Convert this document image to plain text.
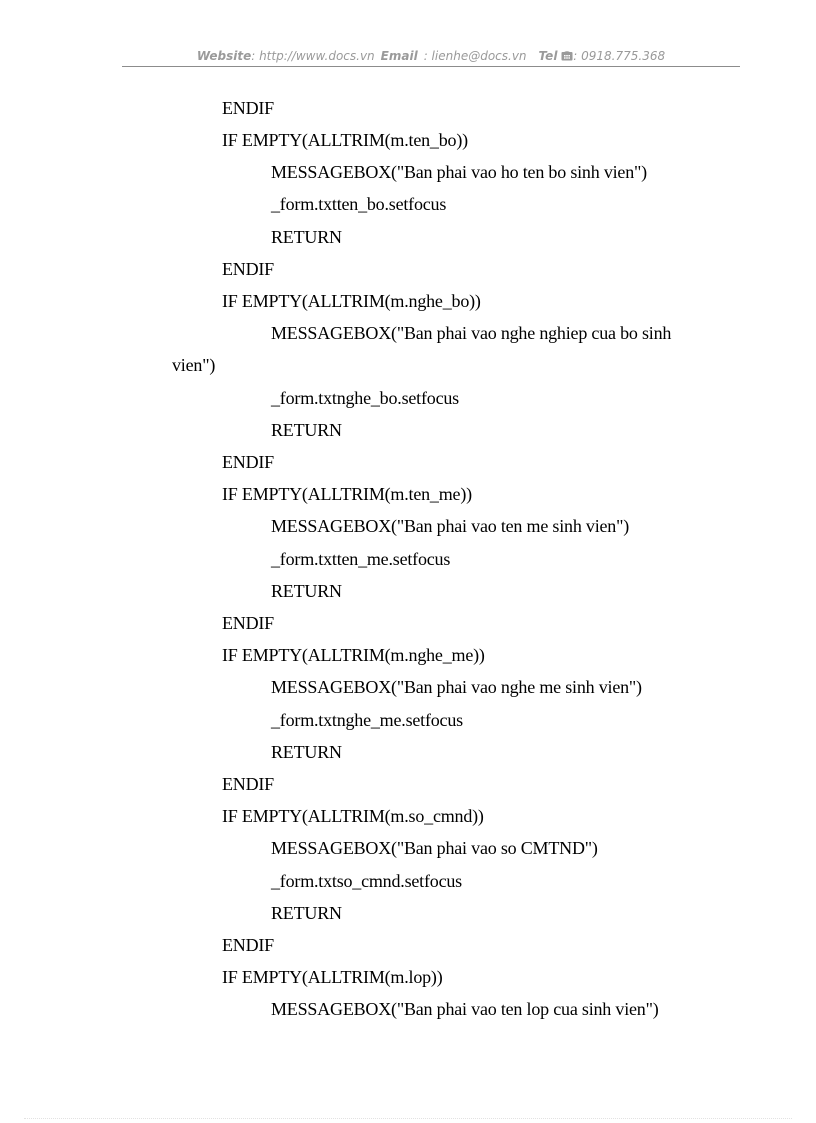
Website: http://www.docs.vn Email : lienhe@docs.vn Tel : 0918.775.368
ENDIF
IF EMPTY(ALLTRIM(m.ten_bo))
MESSAGEBOX("Ban phai vao ho ten bo sinh vien")
_form.txtten_bo.setfocus
RETURN
ENDIF
IF EMPTY(ALLTRIM(m.nghe_bo))
MESSAGEBOX("Ban phai vao nghe nghiep cua bo sinh
vien")
_form.txtnghe_bo.setfocus
RETURN
ENDIF
IF EMPTY(ALLTRIM(m.ten_me))
MESSAGEBOX("Ban phai vao ten me sinh vien")
_form.txtten_me.setfocus
RETURN
ENDIF
IF EMPTY(ALLTRIM(m.nghe_me))
MESSAGEBOX("Ban phai vao nghe me sinh vien")
_form.txtnghe_me.setfocus
RETURN
ENDIF
IF EMPTY(ALLTRIM(m.so_cmnd))
MESSAGEBOX("Ban phai vao so CMTND")
_form.txtso_cmnd.setfocus
RETURN
ENDIF
IF EMPTY(ALLTRIM(m.lop))
MESSAGEBOX("Ban phai vao ten lop cua sinh vien")
